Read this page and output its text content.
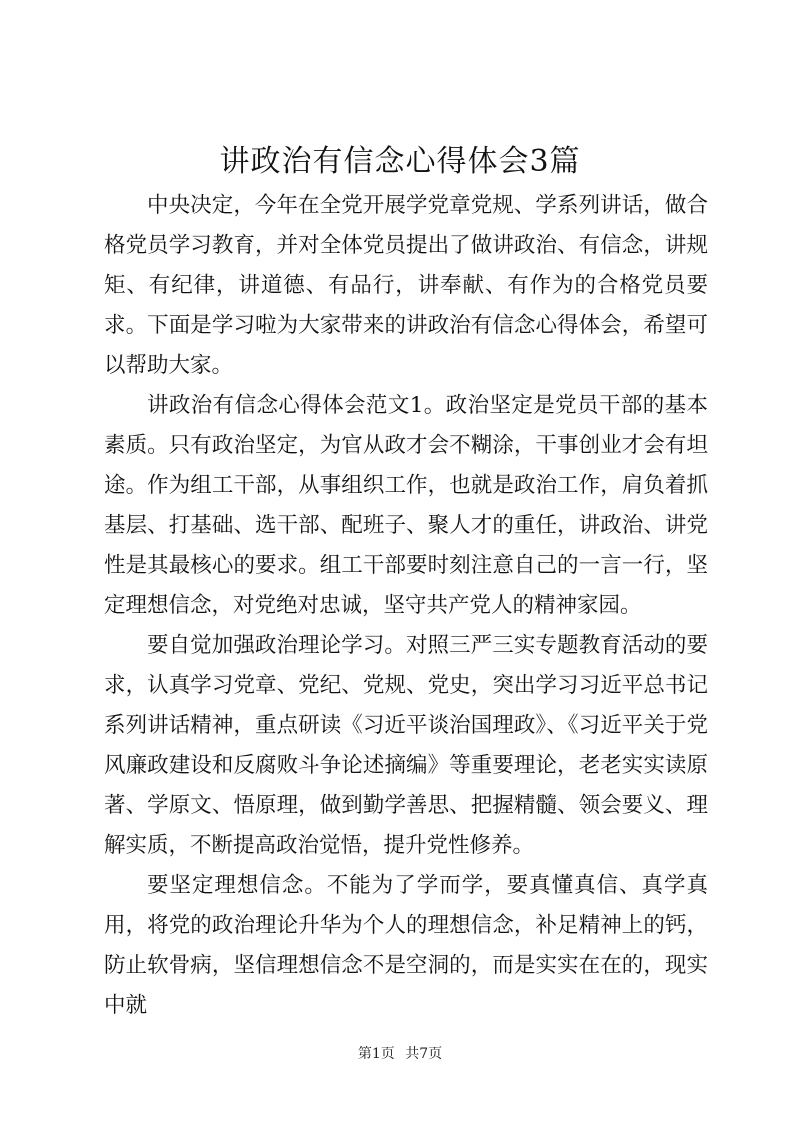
讲政治有信念心得体会3篇

中央决定，今年在全党开展学党章党规、学系列讲话，做合格党员学习教育，并对全体党员提出了做讲政治、有信念，讲规矩、有纪律，讲道德、有品行，讲奉献、有作为的合格党员要求。下面是学习啦为大家带来的讲政治有信念心得体会，希望可以帮助大家。

讲政治有信念心得体会范文1。政治坚定是党员干部的基本素质。只有政治坚定，为官从政才会不糊涂，干事创业才会有坦途。作为组工干部，从事组织工作，也就是政治工作，肩负着抓基层、打基础、选干部、配班子、聚人才的重任，讲政治、讲党性是其最核心的要求。组工干部要时刻注意自己的一言一行，坚定理想信念，对党绝对忠诚，坚守共产党人的精神家园。

要自觉加强政治理论学习。对照三严三实专题教育活动的要求，认真学习党章、党纪、党规、党史，突出学习习近平总书记系列讲话精神，重点研读《习近平谈治国理政》、《习近平关于党风廉政建设和反腐败斗争论述摘编》等重要理论，老老实实读原著、学原文、悟原理，做到勤学善思、把握精髓、领会要义、理解实质，不断提高政治觉悟，提升党性修养。

要坚定理想信念。不能为了学而学，要真懂真信、真学真用，将党的政治理论升华为个人的理想信念，补足精神上的钙，防止软骨病，坚信理想信念不是空洞的，而是实实在在的，现实中就

第1页 共7页
